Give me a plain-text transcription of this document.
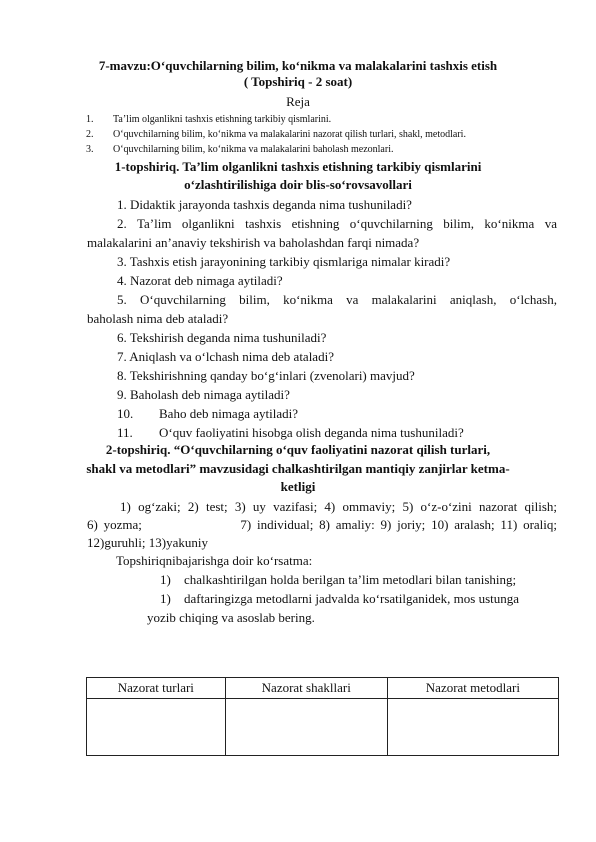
7-mavzu:O‘quvchilarning bilim, ko‘nikma va malakalarini tashxis etish
( Topshiriq - 2 soat)
Reja
1. Ta’lim olganlikni tashxis etishning tarkibiy qismlarini.
2. O‘quvchilarning bilim, ko‘nikma va malakalarini nazorat qilish turlari, shakl, metodlari.
3. O‘quvchilarning bilim, ko‘nikma va malakalarini baholash mezonlari.
1-topshiriq. Ta’lim olganlikni tashxis etishning tarkibiy qismlarini
o‘zlashtirilishiga doir blis-so‘rovsavollari
1. Didaktik jarayonda tashxis deganda nima tushuniladi?
2. Ta’lim olganlikni tashxis etishning o‘quvchilarning bilim, ko‘nikma va
malakalarini an’anaviy tekshirish va baholashdan farqi nimada?
3. Tashxis etish jarayonining tarkibiy qismlariga nimalar kiradi?
4. Nazorat deb nimaga aytiladi?
5. O‘quvchilarning bilim, ko‘nikma va malakalarini aniqlash, o‘lchash,
baholash nima deb ataladi?
6. Tekshirish deganda nima tushuniladi?
7. Aniqlash va o‘lchash nima deb ataladi?
8. Tekshirishning qanday bo‘g‘inlari (zvenolari) mavjud?
9. Baholash deb nimaga aytiladi?
10. Baho deb nimaga aytiladi?
11. O‘quv faoliyatini hisobga olish deganda nima tushuniladi?
2-topshiriq. “O‘quvchilarning o‘quv faoliyatini nazorat qilish turlari,
shakl va metodlari” mavzusidagi chalkashtirilgan mantiqiy zanjirlar ketma-
ketligi
1) og‘zaki; 2) test; 3) uy vazifasi; 4) ommaviy; 5) o‘z-o‘zini nazorat qilish;
6) yozma;                 7) individual; 8) amaliy: 9) joriy; 10) aralash; 11) oraliq;
12)guruhli; 13)yakuniy
Topshiriqnibajarishga doir ko‘rsatma:
1) chalkashtirilgan holda berilgan ta’lim metodlari bilan tanishing;
1) daftaringizga metodlarni jadvalda ko‘rsatilganidek, mos ustunga
yozib chiqing va asoslab bering.
Nazorat turlari	Nazorat shakllari	Nazorat metodlari
